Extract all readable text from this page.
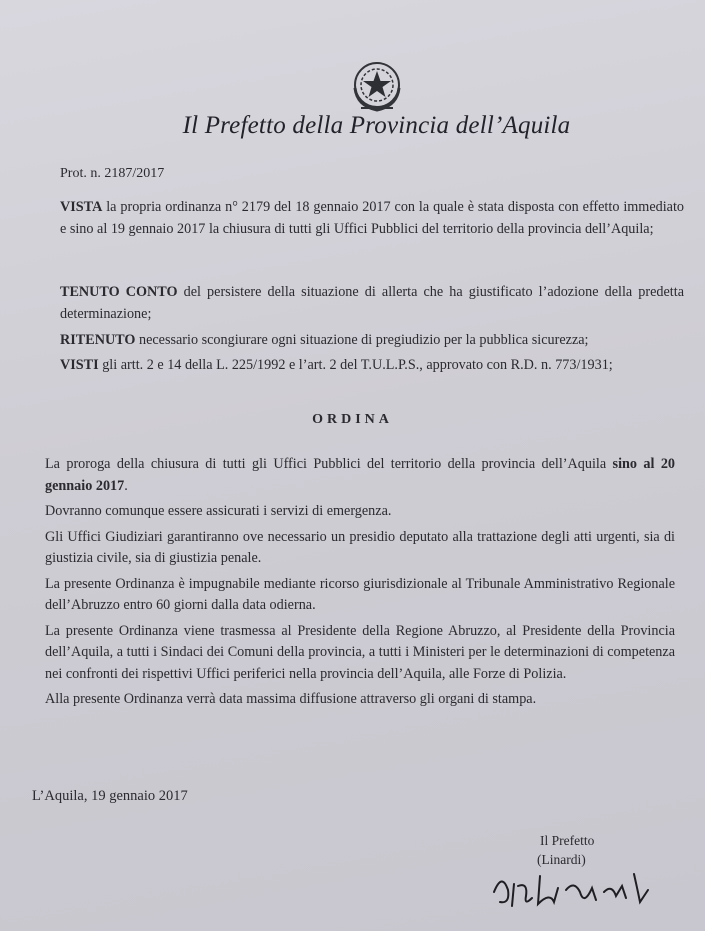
Il Prefetto della Provincia dell’Aquila
Prot. n. 2187/2017
VISTA la propria ordinanza n° 2179 del 18 gennaio 2017 con la quale è stata disposta con effetto immediato e sino al 19 gennaio 2017 la chiusura di tutti gli Uffici Pubblici del territorio della provincia dell’Aquila;
TENUTO CONTO del persistere della situazione di allerta che ha giustificato l’adozione della predetta determinazione;
RITENUTO necessario scongiurare ogni situazione di pregiudizio per la pubblica sicurezza;
VISTI gli artt. 2 e 14 della L. 225/1992 e l’art. 2 del T.U.L.P.S., approvato con R.D. n. 773/1931;
ORDINA

La proroga della chiusura di tutti gli Uffici Pubblici del territorio della provincia dell’Aquila sino al 20 gennaio 2017.

Dovranno comunque essere assicurati i servizi di emergenza.

Gli Uffici Giudiziari garantiranno ove necessario un presidio deputato alla trattazione degli atti urgenti, sia di giustizia civile, sia di giustizia penale.

La presente Ordinanza è impugnabile mediante ricorso giurisdizionale al Tribunale Amministrativo Regionale dell’Abruzzo entro 60 giorni dalla data odierna.

La presente Ordinanza viene trasmessa al Presidente della Regione Abruzzo, al Presidente della Provincia dell’Aquila, a tutti i Sindaci dei Comuni della provincia, a tutti i Ministeri per le determinazioni di competenza nei confronti dei rispettivi Uffici periferici nella provincia dell’Aquila, alle Forze di Polizia.

Alla presente Ordinanza verrà data massima diffusione attraverso gli organi di stampa.

L’Aquila, 19 gennaio 2017
Il Prefetto
(Linardi)
